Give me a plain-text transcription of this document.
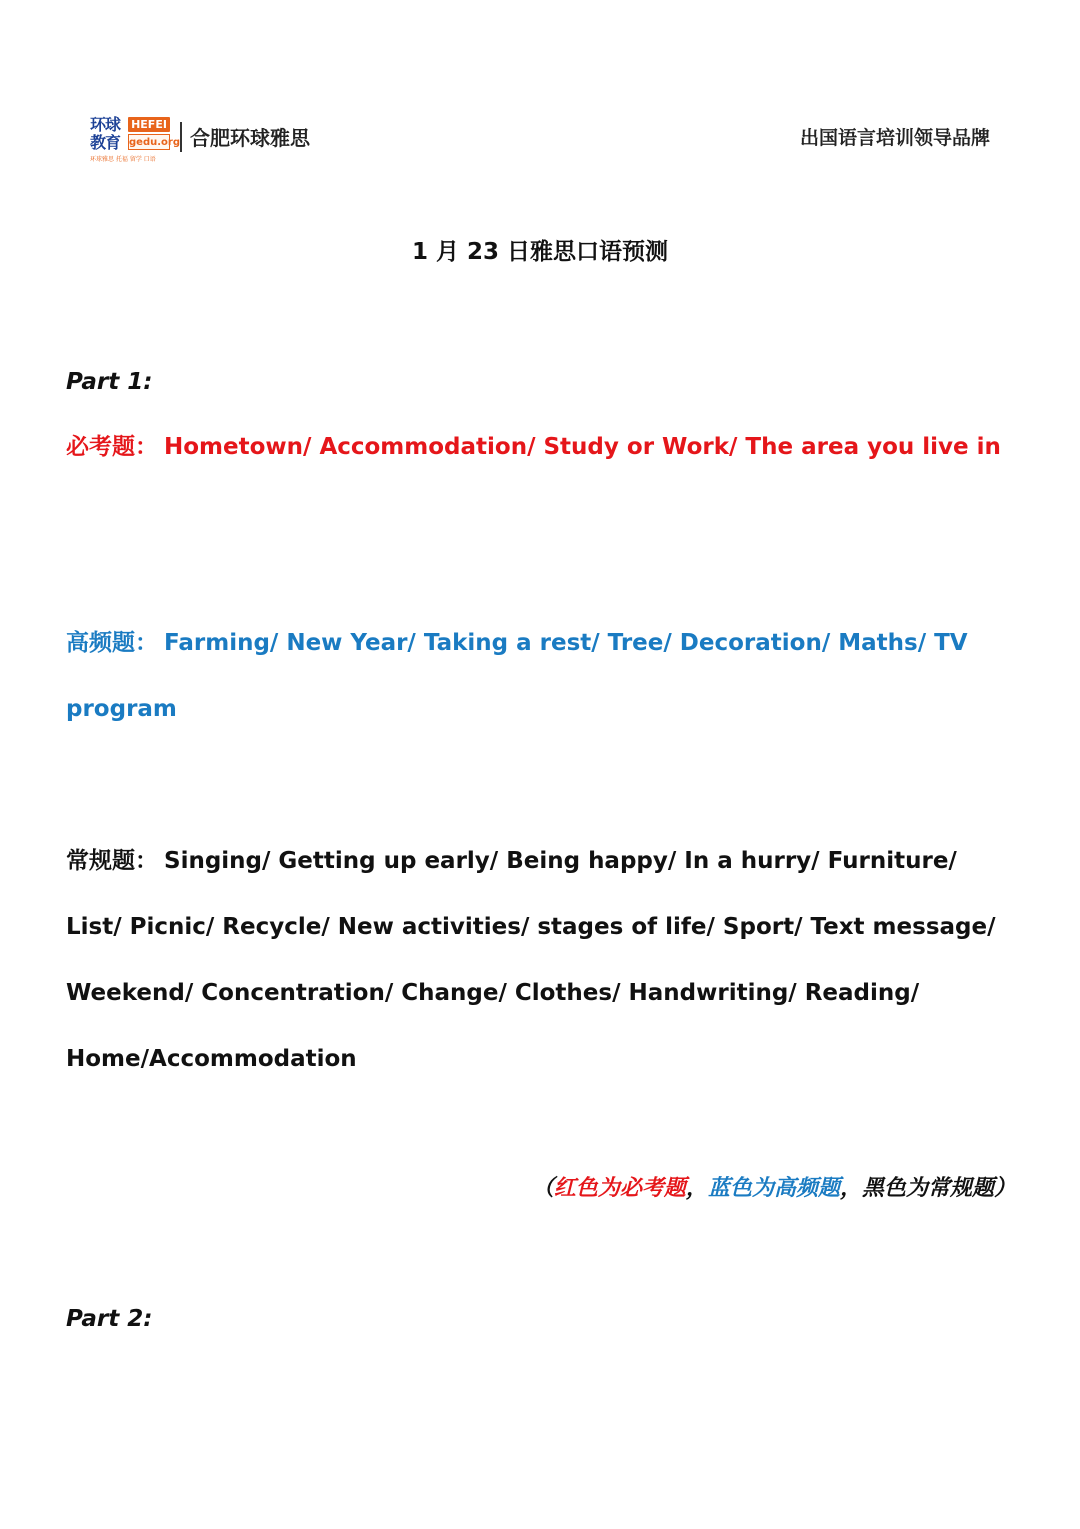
环球教育
HEFEI
gedu.org
环球雅思 托福 留学 口语
合肥环球雅思	出国语言培训领导品牌
1 月 23 日雅思口语预测
Part 1:
必考题： Hometown/ Accommodation/ Study or Work/ The area you live in
高频题： Farming/ New Year/ Taking a rest/ Tree/ Decoration/ Maths/ TV program
常规题： Singing/ Getting up early/ Being happy/ In a hurry/ Furniture/ List/ Picnic/ Recycle/ New activities/ stages of life/ Sport/ Text message/ Weekend/ Concentration/ Change/ Clothes/ Handwriting/ Reading/ Home/Accommodation
（红色为必考题，蓝色为高频题，黑色为常规题）
Part 2:
